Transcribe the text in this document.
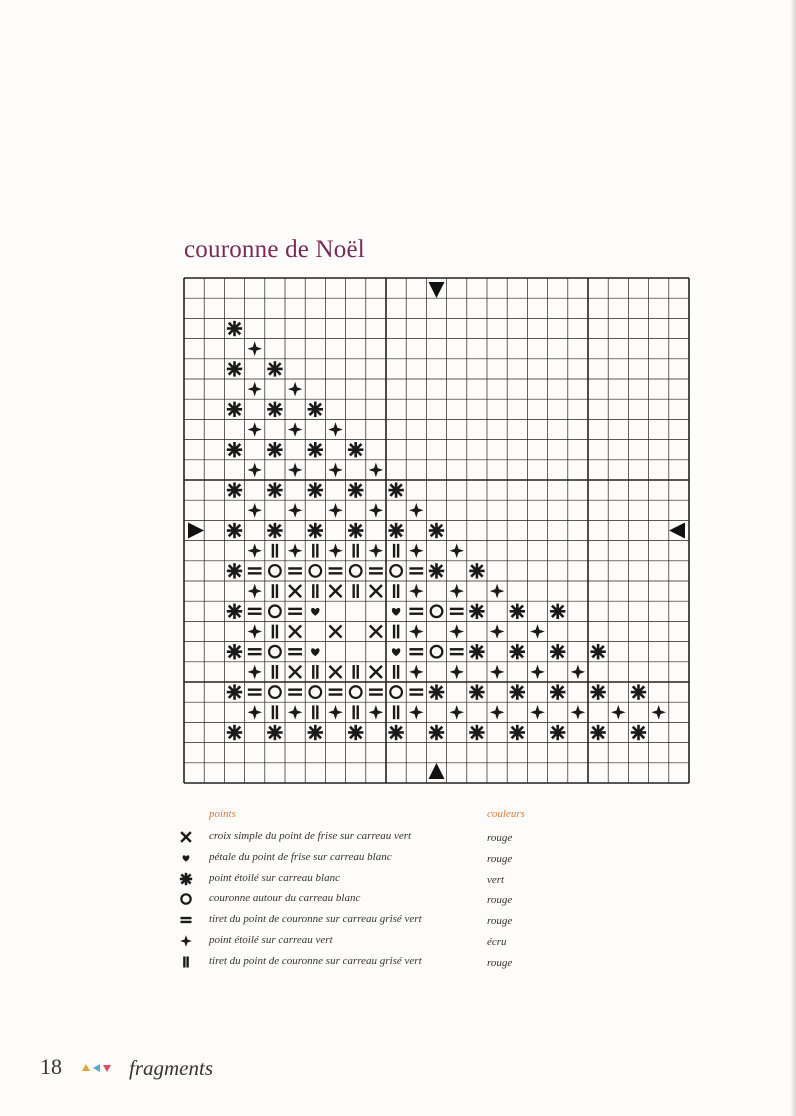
couronne de Noël
points	couleurs
croix simple du point de frise sur carreau vert	rouge
pétale du point de frise sur carreau blanc	rouge
point étoilé sur carreau blanc	vert
couronne autour du carreau blanc	rouge
tiret du point de couronne sur carreau grisé vert	rouge
point étoilé sur carreau vert	écru
tiret du point de couronne sur carreau grisé vert	rouge
18	fragments
